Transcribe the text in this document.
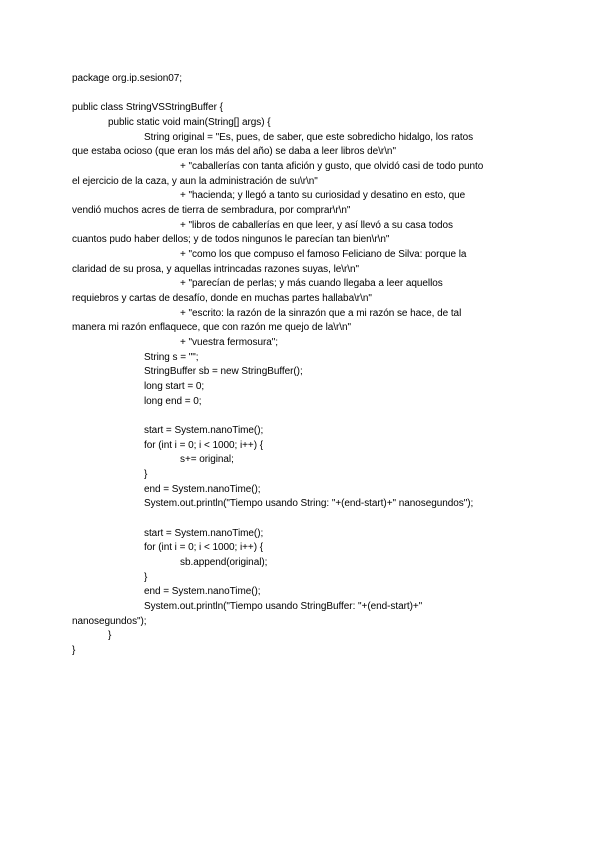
package org.ip.sesion07;
public class StringVSStringBuffer {
public static void main(String[] args) {
String original = "Es, pues, de saber, que este sobredicho hidalgo, los ratos
que estaba ocioso (que eran los más del año) se daba a leer libros de\r\n"
+ "caballerías con tanta afición y gusto, que olvidó casi de todo punto
el ejercicio de la caza, y aun la administración de su\r\n"
+ "hacienda; y llegó a tanto su curiosidad y desatino en esto, que
vendió muchos acres de tierra de sembradura, por comprar\r\n"
+ "libros de caballerías en que leer, y así llevó a su casa todos
cuantos pudo haber dellos; y de todos ningunos le parecían tan bien\r\n"
+ "como los que compuso el famoso Feliciano de Silva: porque la
claridad de su prosa, y aquellas intrincadas razones suyas, le\r\n"
+ "parecían de perlas; y más cuando llegaba a leer aquellos
requiebros y cartas de desafío, donde en muchas partes hallaba\r\n"
+ "escrito: la razón de la sinrazón que a mi razón se hace, de tal
manera mi razón enflaquece, que con razón me quejo de la\r\n"
+ "vuestra fermosura";
String s = "";
StringBuffer sb = new StringBuffer();
long start = 0;
long end = 0;
start = System.nanoTime();
for (int i = 0; i < 1000; i++) {
s+= original;
}
end = System.nanoTime();
System.out.println("Tiempo usando String: "+(end-start)+" nanosegundos");
start = System.nanoTime();
for (int i = 0; i < 1000; i++) {
sb.append(original);
}
end = System.nanoTime();
System.out.println("Tiempo usando StringBuffer: "+(end-start)+"
nanosegundos");
}
}
